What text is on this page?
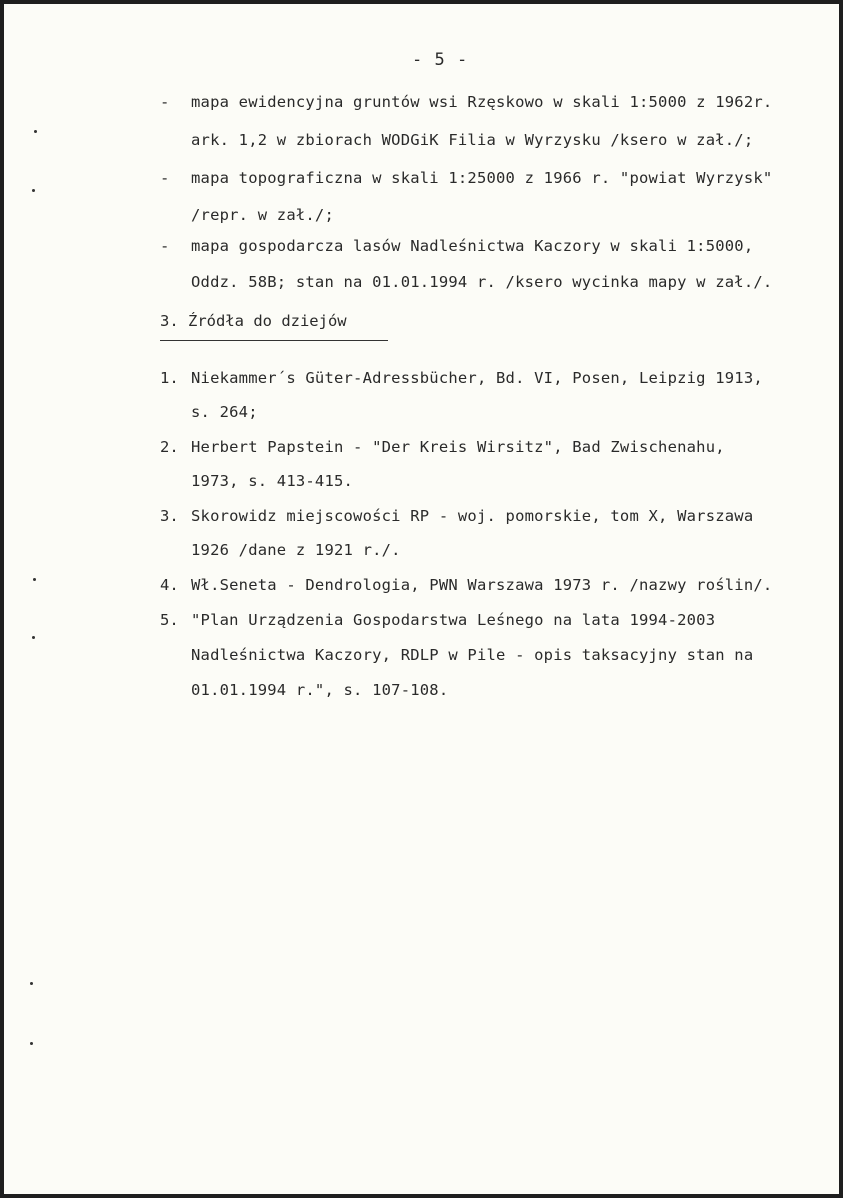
- 5 -
- mapa ewidencyjna gruntów wsi Rzęskowo w skali 1:5000 z 1962r.
ark. 1,2 w zbiorach WODGiK Filia w Wyrzysku /ksero w zał./;
- mapa topograficzna w skali 1:25000 z 1966 r. "powiat Wyrzysk"
/repr. w zał./;
- mapa gospodarcza lasów Nadleśnictwa Kaczory w skali 1:5000,
Oddz. 58B; stan na 01.01.1994 r. /ksero wycinka mapy w zał./.
3. Źródła do dziejów
1. Niekammer´s Güter-Adressbücher, Bd. VI, Posen, Leipzig 1913,
s. 264;
2. Herbert Papstein - "Der Kreis Wirsitz", Bad Zwischenahu,
1973, s. 413-415.
3. Skorowidz miejscowości RP - woj. pomorskie, tom X, Warszawa
1926 /dane z 1921 r./.
4. Wł.Seneta - Dendrologia, PWN Warszawa 1973 r. /nazwy roślin/.
5. "Plan Urządzenia Gospodarstwa Leśnego na lata 1994-2003
Nadleśnictwa Kaczory, RDLP w Pile - opis taksacyjny stan na
01.01.1994 r.", s. 107-108.
